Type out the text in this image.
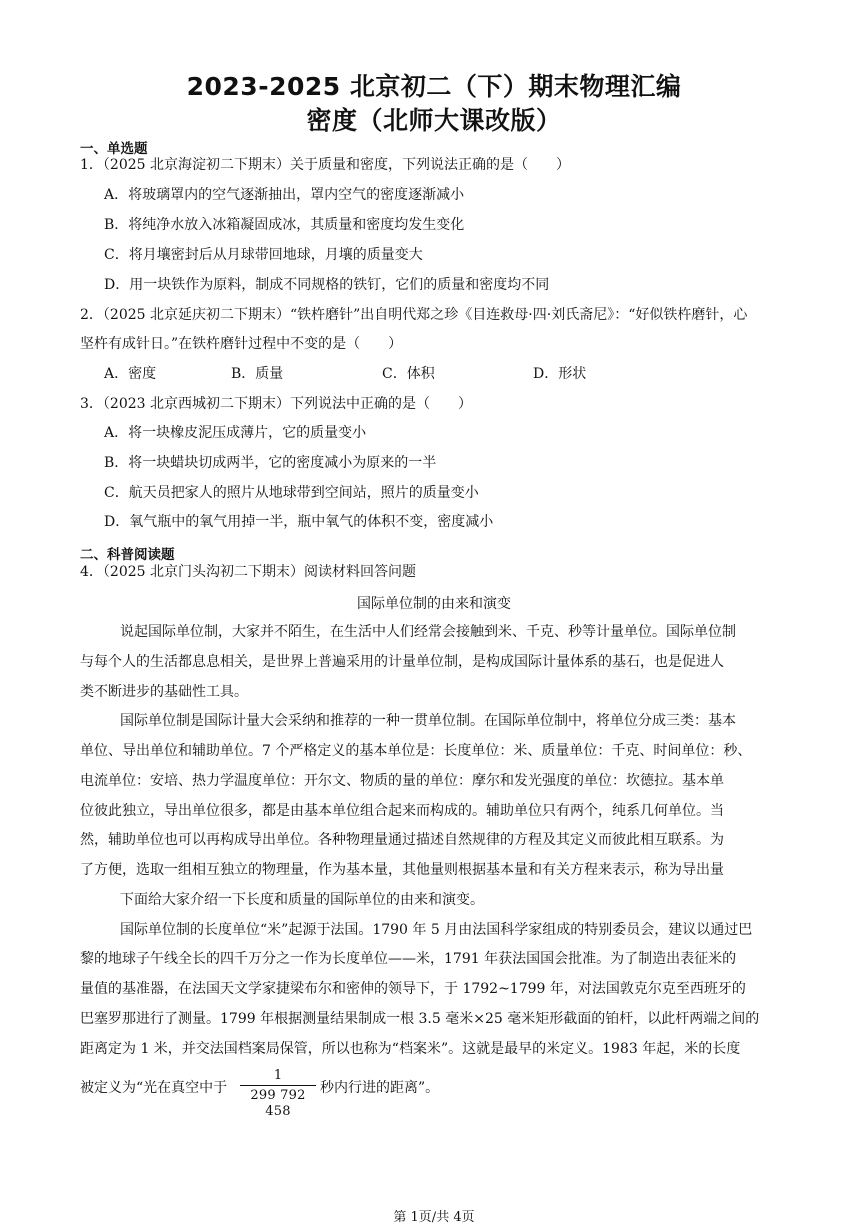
2023-2025 北京初二（下）期末物理汇编
密度（北师大课改版）
一、单选题
1．（2025 北京海淀初二下期末）关于质量和密度，下列说法正确的是（　　）
A．将玻璃罩内的空气逐渐抽出，罩内空气的密度逐渐减小
B．将纯净水放入冰箱凝固成冰，其质量和密度均发生变化
C．将月壤密封后从月球带回地球，月壤的质量变大
D．用一块铁作为原料，制成不同规格的铁钉，它们的质量和密度均不同
2．（2025 北京延庆初二下期末）“铁杵磨针”出自明代郑之珍《目连救母·四·刘氏斋尼》：“好似铁杵磨针，心
坚杵有成针日。”在铁杵磨针过程中不变的是（　　）
A．密度	B．质量	C．体积	D．形状
3．（2023 北京西城初二下期末）下列说法中正确的是（　　）
A．将一块橡皮泥压成薄片，它的质量变小
B．将一块蜡块切成两半，它的密度减小为原来的一半
C．航天员把家人的照片从地球带到空间站，照片的质量变小
D．氧气瓶中的氧气用掉一半，瓶中氧气的体积不变，密度减小
二、科普阅读题
4．（2025 北京门头沟初二下期末）阅读材料回答问题
国际单位制的由来和演变
说起国际单位制，大家并不陌生，在生活中人们经常会接触到米、千克、秒等计量单位。国际单位制
与每个人的生活都息息相关，是世界上普遍采用的计量单位制，是构成国际计量体系的基石，也是促进人
类不断进步的基础性工具。
国际单位制是国际计量大会采纳和推荐的一种一贯单位制。在国际单位制中，将单位分成三类：基本
单位、导出单位和辅助单位。7 个严格定义的基本单位是：长度单位：米、质量单位：千克、时间单位：秒、
电流单位：安培、热力学温度单位：开尔文、物质的量的单位：摩尔和发光强度的单位：坎德拉。基本单
位彼此独立，导出单位很多，都是由基本单位组合起来而构成的。辅助单位只有两个，纯系几何单位。当
然，辅助单位也可以再构成导出单位。各种物理量通过描述自然规律的方程及其定义而彼此相互联系。为
了方便，选取一组相互独立的物理量，作为基本量，其他量则根据基本量和有关方程来表示，称为导出量
下面给大家介绍一下长度和质量的国际单位的由来和演变。
国际单位制的长度单位“米”起源于法国。1790 年 5 月由法国科学家组成的特别委员会，建议以通过巴
黎的地球子午线全长的四千万分之一作为长度单位——米，1791 年获法国国会批准。为了制造出表征米的
量值的基准器，在法国天文学家捷梁布尔和密伸的领导下，于 1792~1799 年，对法国敦克尔克至西班牙的
巴塞罗那进行了测量。1799 年根据测量结果制成一根 3.5 毫米×25 毫米矩形截面的铂杆，以此杆两端之间的
距离定为 1 米，并交法国档案局保管，所以也称为“档案米”。这就是最早的米定义。1983 年起，米的长度
被定义为“光在真空中于
1
299 792 458
秒内行进的距离”。
第 1页/共 4页
